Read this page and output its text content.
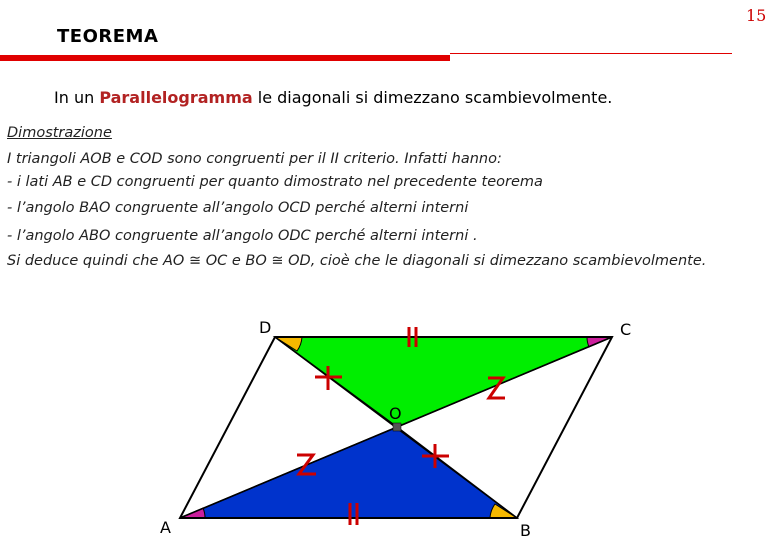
15
TEOREMA
In un Parallelogramma le diagonali si dimezzano scambievolmente.
Dimostrazione
I triangoli AOB e COD sono congruenti per il II criterio. Infatti hanno:
- i lati AB e CD congruenti per quanto dimostrato nel precedente teorema
- l’angolo BAO congruente all’angolo OCD perché alterni interni
- l’angolo ABO congruente all’angolo ODC perché alterni interni .
Si deduce quindi che AO ≅ OC e BO ≅ OD, cioè che le diagonali si dimezzano scambievolmente.
A	B
C
D
O
